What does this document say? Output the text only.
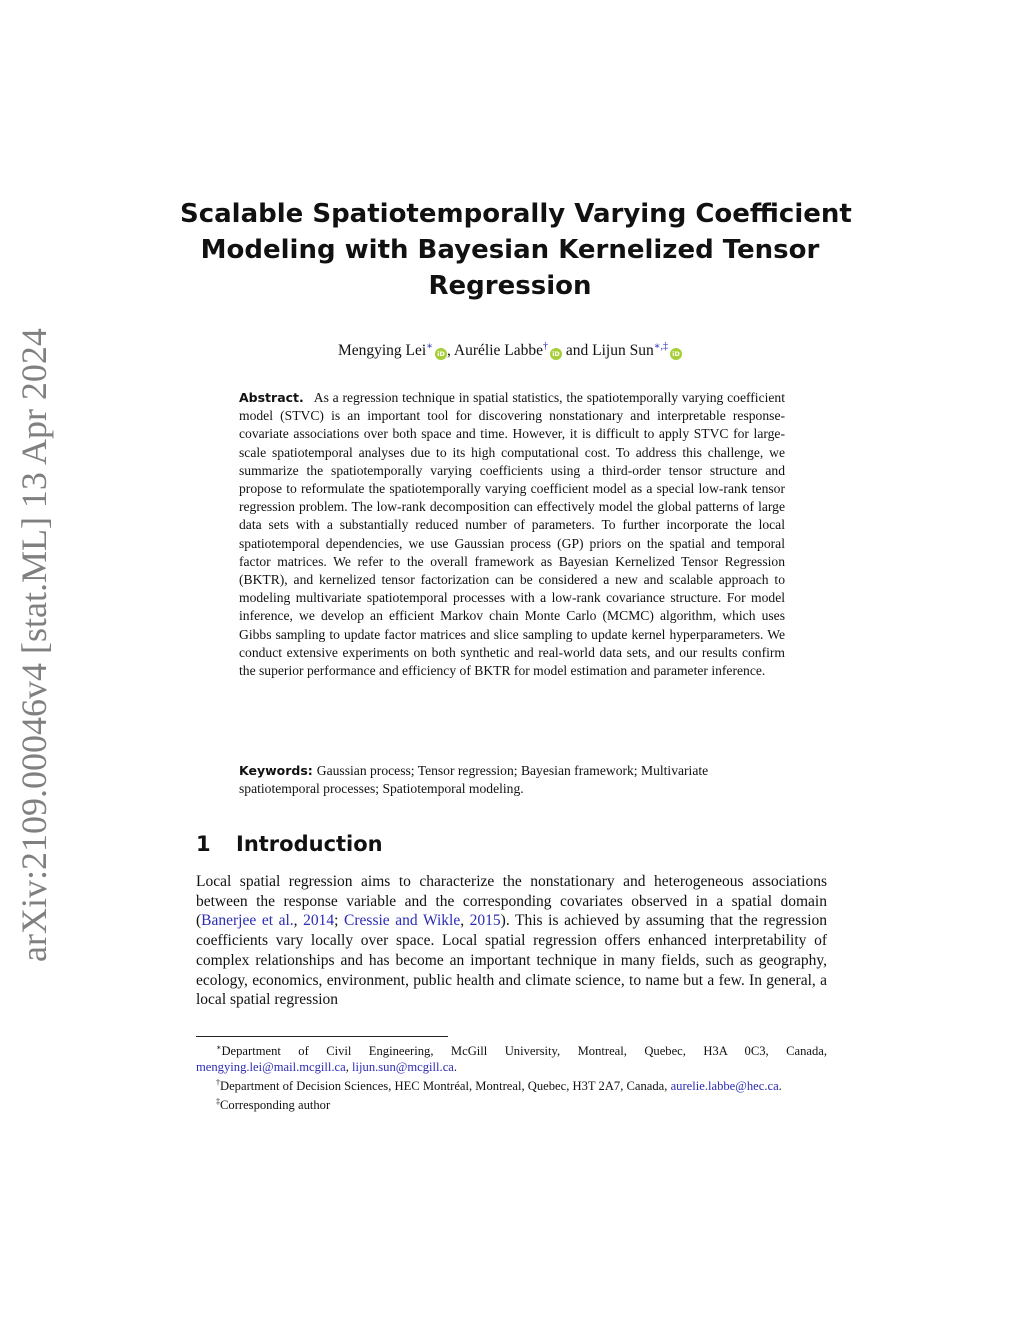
arXiv:2109.00046v4 [stat.ML] 13 Apr 2024
Scalable Spatiotemporally Varying Coefficient
Modeling with Bayesian Kernelized Tensor
Regression
Mengying Lei∗iD , Aurélie Labbe†iD and Lijun Sun∗,‡iD
Abstract. As a regression technique in spatial statistics, the spatiotemporally varying coefficient model (STVC) is an important tool for discovering nonstationary and interpretable response-covariate associations over both space and time. However, it is difficult to apply STVC for large-scale spatiotemporal analyses due to its high computational cost. To address this challenge, we summarize the spatiotemporally varying coefficients using a third-order tensor structure and propose to reformulate the spatiotemporally varying coefficient model as a special low-rank tensor regression problem. The low-rank decomposition can effectively model the global patterns of large data sets with a substantially reduced number of parameters. To further incorporate the local spatiotemporal dependencies, we use Gaussian process (GP) priors on the spatial and temporal factor matrices. We refer to the overall framework as Bayesian Kernelized Tensor Regression (BKTR), and kernelized tensor factorization can be considered a new and scalable approach to modeling multivariate spatiotemporal processes with a low-rank covariance structure. For model inference, we develop an efficient Markov chain Monte Carlo (MCMC) algorithm, which uses Gibbs sampling to update factor matrices and slice sampling to update kernel hyperparameters. We conduct extensive experiments on both synthetic and real-world data sets, and our results confirm the superior performance and efficiency of BKTR for model estimation and parameter inference.
Keywords: Gaussian process; Tensor regression; Bayesian framework; Multivariate spatiotemporal processes; Spatiotemporal modeling.
1 Introduction
Local spatial regression aims to characterize the nonstationary and heterogeneous associations between the response variable and the corresponding covariates observed in a spatial domain (Banerjee et al., 2014; Cressie and Wikle, 2015). This is achieved by assuming that the regression coefficients vary locally over space. Local spatial regression offers enhanced interpretability of complex relationships and has become an important technique in many fields, such as geography, ecology, economics, environment, public health and climate science, to name but a few. In general, a local spatial regression

∗Department of Civil Engineering, McGill University, Montreal, Quebec, H3A 0C3, Canada, mengying.lei@mail.mcgill.ca, lijun.sun@mcgill.ca.

†Department of Decision Sciences, HEC Montréal, Montreal, Quebec, H3T 2A7, Canada, aurelie.labbe@hec.ca.

‡Corresponding author
